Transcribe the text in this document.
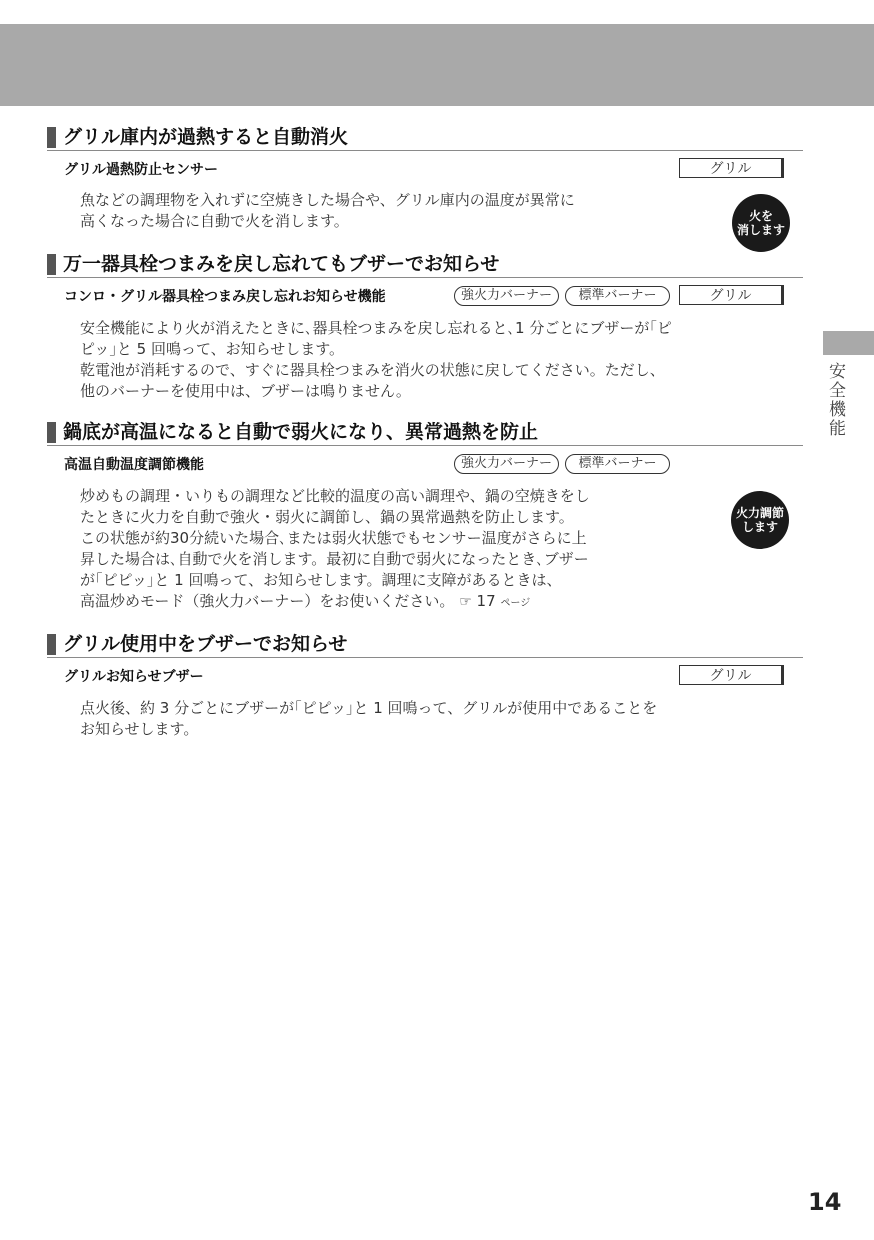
グリル庫内が過熱すると自動消火
グリル過熱防止センサー	グリル
魚などの調理物を入れずに空焼きした場合や、グリル庫内の温度が異常に
高くなった場合に自動で火を消します。	火を
消します
万一器具栓つまみを戻し忘れてもブザーでお知らせ
コンロ・グリル器具栓つまみ戻し忘れお知らせ機能	強火力バーナー	標準バーナー	グリル
安全機能により火が消えたときに､器具栓つまみを戻し忘れると､1 分ごとにブザーが｢ピ
ピッ｣と 5 回鳴って、お知らせします。
乾電池が消耗するので、すぐに器具栓つまみを消火の状態に戻してください。ただし、
他のバーナーを使用中は、ブザーは鳴りません。
鍋底が高温になると自動で弱火になり、異常過熱を防止
高温自動温度調節機能	強火力バーナー	標準バーナー
炒めもの調理・いりもの調理など比較的温度の高い調理や、鍋の空焼きをし
たときに火力を自動で強火・弱火に調節し、鍋の異常過熱を防止します。
この状態が約30分続いた場合､または弱火状態でもセンサー温度がさらに上
昇した場合は､自動で火を消します。最初に自動で弱火になったとき､ブザー
が｢ピピッ｣と 1 回鳴って、お知らせします。調理に支障があるときは、
高温炒めモード（強火力バーナー）をお使いください。 ☞ 17 ページ
火力調節
します
グリル使用中をブザーでお知らせ
グリルお知らせブザー	グリル
点火後、約 3 分ごとにブザーが｢ピピッ｣と 1 回鳴って、グリルが使用中であることを
お知らせします。
安全機能
14
